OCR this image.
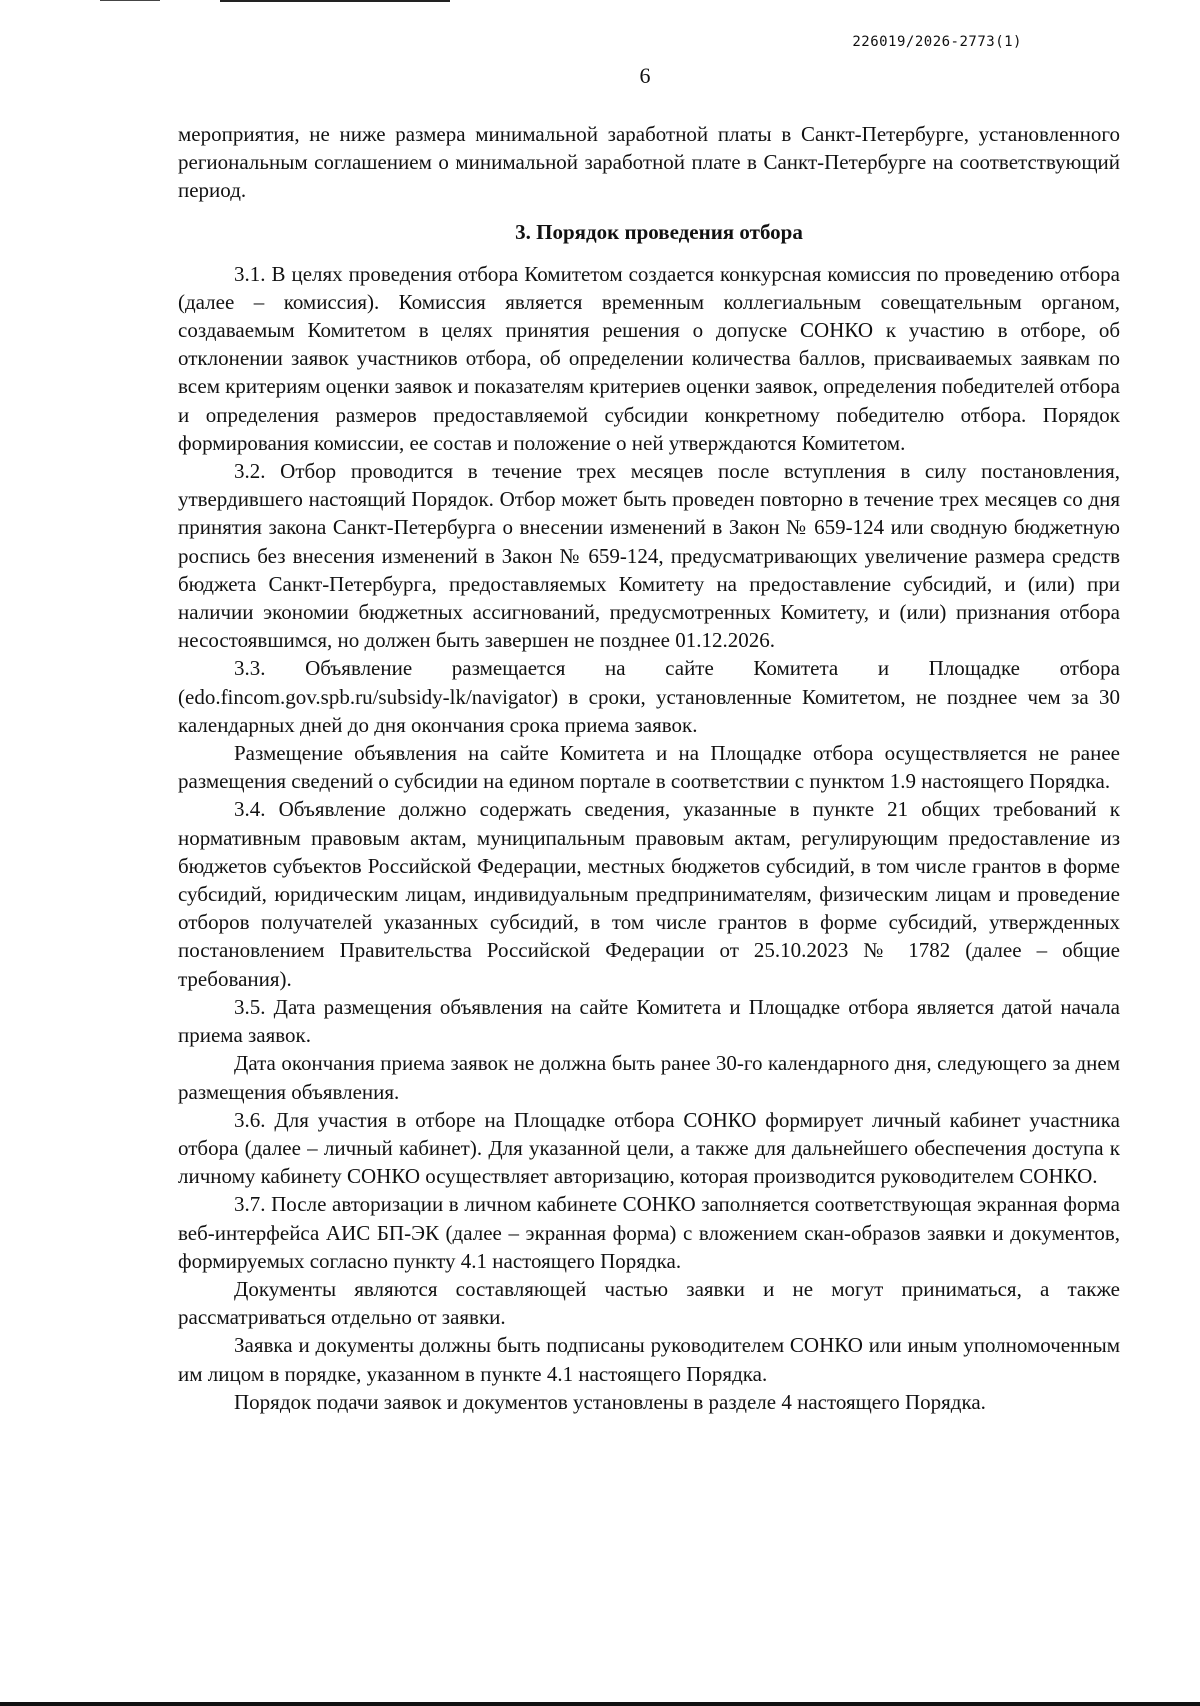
226019/2026-2773(1)
6

мероприятия, не ниже размера минимальной заработной платы в Санкт-Петербурге, установленного региональным соглашением о минимальной заработной плате в Санкт-Петербурге на соответствующий период.

3. Порядок проведения отбора

3.1. В целях проведения отбора Комитетом создается конкурсная комиссия по проведению отбора (далее – комиссия). Комиссия является временным коллегиальным совещательным органом, создаваемым Комитетом в целях принятия решения о допуске СОНКО к участию в отборе, об отклонении заявок участников отбора, об определении количества баллов, присваиваемых заявкам по всем критериям оценки заявок и показателям критериев оценки заявок, определения победителей отбора и определения размеров предоставляемой субсидии конкретному победителю отбора. Порядок формирования комиссии, ее состав и положение о ней утверждаются Комитетом.

3.2. Отбор проводится в течение трех месяцев после вступления в силу постановления, утвердившего настоящий Порядок. Отбор может быть проведен повторно в течение трех месяцев со дня принятия закона Санкт-Петербурга о внесении изменений в Закон № 659-124 или сводную бюджетную роспись без внесения изменений в Закон № 659-124, предусматривающих увеличение размера средств бюджета Санкт-Петербурга, предоставляемых Комитету на предоставление субсидий, и (или) при наличии экономии бюджетных ассигнований, предусмотренных Комитету, и (или) признания отбора несостоявшимся, но должен быть завершен не позднее 01.12.2026.

3.3. Объявление размещается на сайте Комитета и Площадке отбора (edo.fincom.gov.spb.ru/subsidy-lk/navigator) в сроки, установленные Комитетом, не позднее чем за 30 календарных дней до дня окончания срока приема заявок.

Размещение объявления на сайте Комитета и на Площадке отбора осуществляется не ранее размещения сведений о субсидии на едином портале в соответствии с пунктом 1.9 настоящего Порядка.

3.4. Объявление должно содержать сведения, указанные в пункте 21 общих требований к нормативным правовым актам, муниципальным правовым актам, регулирующим предоставление из бюджетов субъектов Российской Федерации, местных бюджетов субсидий, в том числе грантов в форме субсидий, юридическим лицам, индивидуальным предпринимателям, физическим лицам и проведение отборов получателей указанных субсидий, в том числе грантов в форме субсидий, утвержденных постановлением Правительства Российской Федерации от 25.10.2023 № 1782 (далее – общие требования).

3.5. Дата размещения объявления на сайте Комитета и Площадке отбора является датой начала приема заявок.

Дата окончания приема заявок не должна быть ранее 30-го календарного дня, следующего за днем размещения объявления.

3.6. Для участия в отборе на Площадке отбора СОНКО формирует личный кабинет участника отбора (далее – личный кабинет). Для указанной цели, а также для дальнейшего обеспечения доступа к личному кабинету СОНКО осуществляет авторизацию, которая производится руководителем СОНКО.

3.7. После авторизации в личном кабинете СОНКО заполняется соответствующая экранная форма веб-интерфейса АИС БП-ЭК (далее – экранная форма) с вложением скан-образов заявки и документов, формируемых согласно пункту 4.1 настоящего Порядка.

Документы являются составляющей частью заявки и не могут приниматься, а также рассматриваться отдельно от заявки.

Заявка и документы должны быть подписаны руководителем СОНКО или иным уполномоченным им лицом в порядке, указанном в пункте 4.1 настоящего Порядка.

Порядок подачи заявок и документов установлены в разделе 4 настоящего Порядка.
